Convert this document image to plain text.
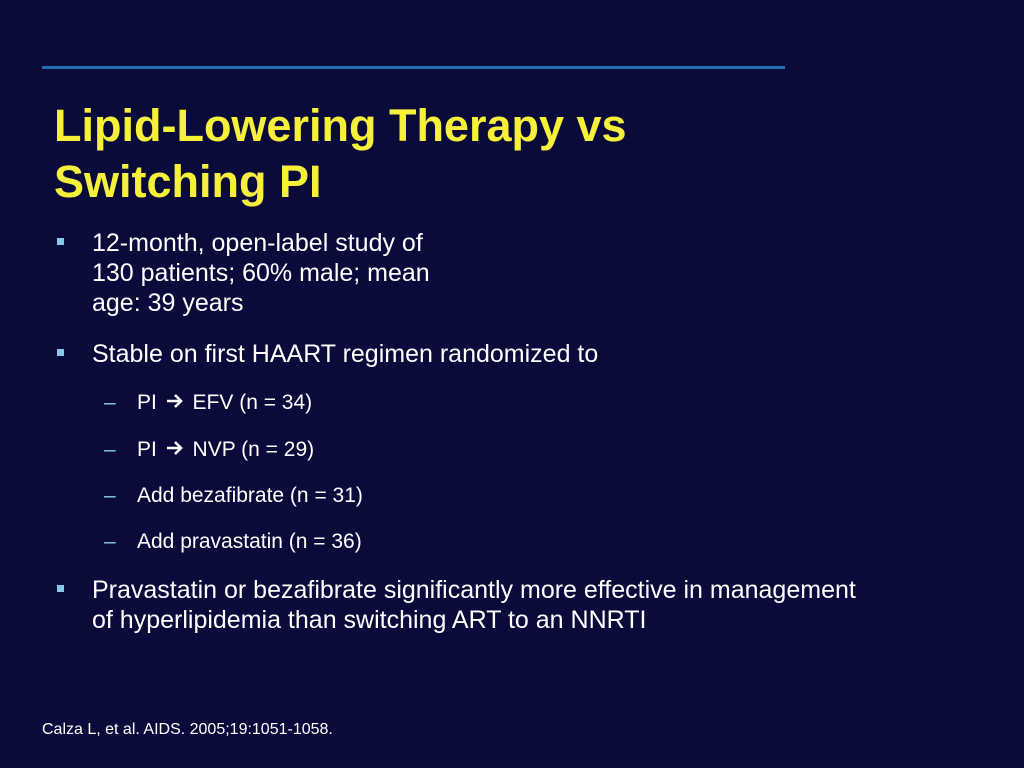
Lipid-Lowering Therapy vs
Switching PI
12-month, open-label study of
130 patients; 60% male; mean
age: 39 years
Stable on first HAART regimen randomized to
– PI EFV (n = 34)
– PI NVP (n = 29)
– Add bezafibrate (n = 31)
– Add pravastatin (n = 36)
Pravastatin or bezafibrate significantly more effective in management
of hyperlipidemia than switching ART to an NNRTI
Calza L, et al. AIDS. 2005;19:1051-1058.
